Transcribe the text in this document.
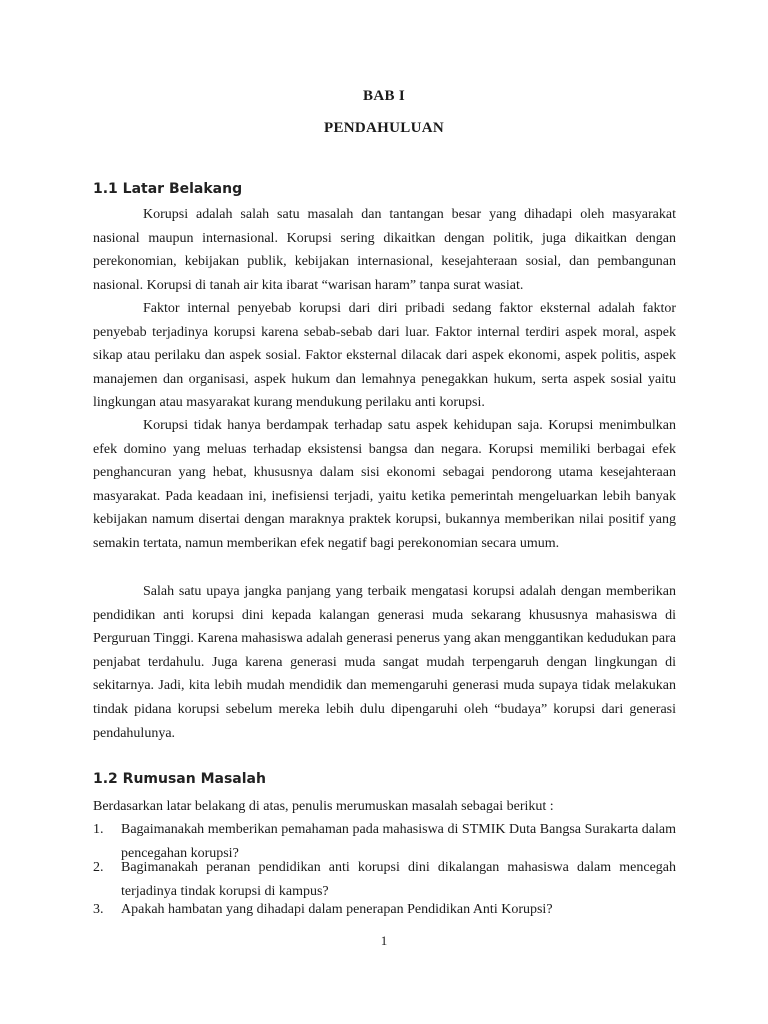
BAB I
PENDAHULUAN
1.1 Latar Belakang

Korupsi adalah salah satu masalah dan tantangan besar yang dihadapi oleh masyarakat nasional maupun internasional. Korupsi sering dikaitkan dengan politik, juga dikaitkan dengan perekonomian, kebijakan publik, kebijakan internasional, kesejahteraan sosial, dan pembangunan nasional. Korupsi di tanah air kita ibarat “warisan haram” tanpa surat wasiat.

Faktor internal penyebab korupsi dari diri pribadi sedang faktor eksternal adalah faktor penyebab terjadinya korupsi karena sebab-sebab dari luar. Faktor internal terdiri aspek moral, aspek sikap atau perilaku dan aspek sosial. Faktor eksternal dilacak dari aspek ekonomi, aspek politis, aspek manajemen dan organisasi, aspek hukum dan lemahnya penegakkan hukum, serta aspek sosial yaitu lingkungan atau masyarakat kurang mendukung perilaku anti korupsi.

Korupsi tidak hanya berdampak terhadap satu aspek kehidupan saja. Korupsi menimbulkan efek domino yang meluas terhadap eksistensi bangsa dan negara. Korupsi memiliki berbagai efek penghancuran yang hebat, khususnya dalam sisi ekonomi sebagai pendorong utama kesejahteraan masyarakat. Pada keadaan ini, inefisiensi terjadi, yaitu ketika pemerintah mengeluarkan lebih banyak kebijakan namum disertai dengan maraknya praktek korupsi, bukannya memberikan nilai positif yang semakin tertata, namun memberikan efek negatif bagi perekonomian secara umum.

Salah satu upaya jangka panjang yang terbaik mengatasi korupsi adalah dengan memberikan pendidikan anti korupsi dini kepada kalangan generasi muda sekarang khususnya mahasiswa di Perguruan Tinggi. Karena mahasiswa adalah generasi penerus yang akan menggantikan kedudukan para penjabat terdahulu. Juga karena generasi muda sangat mudah terpengaruh dengan lingkungan di sekitarnya. Jadi, kita lebih mudah mendidik dan memengaruhi generasi muda supaya tidak melakukan tindak pidana korupsi sebelum mereka lebih dulu dipengaruhi oleh “budaya” korupsi dari generasi pendahulunya.

1.2 Rumusan Masalah

Berdasarkan latar belakang di atas, penulis merumuskan masalah sebagai berikut :

1. Bagaimanakah memberikan pemahaman pada mahasiswa di STMIK Duta Bangsa Surakarta dalam pencegahan korupsi?
2. Bagimanakah peranan pendidikan anti korupsi dini dikalangan mahasiswa dalam mencegah terjadinya tindak korupsi di kampus?
3. Apakah hambatan yang dihadapi dalam penerapan Pendidikan Anti Korupsi?
1
